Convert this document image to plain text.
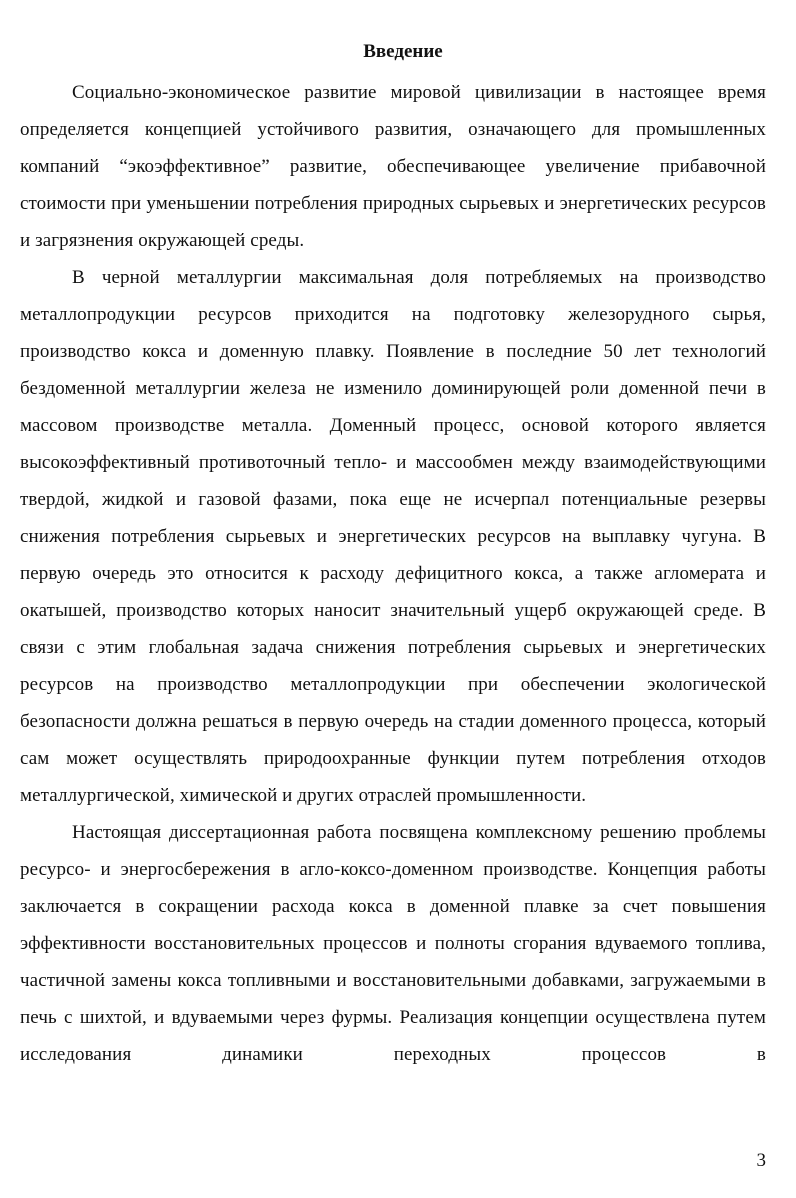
Введение

Социально-экономическое развитие мировой цивилизации в настоящее время определяется концепцией устойчивого развития, означающего для промышленных компаний “экоэффективное” развитие, обеспечивающее увеличение прибавочной стоимости при уменьшении потребления природных сырьевых и энергетических ресурсов и загрязнения окружающей среды.

В черной металлургии максимальная доля потребляемых на производство металлопродукции ресурсов приходится на подготовку железорудного сырья, производство кокса и доменную плавку. Появление в последние 50 лет технологий бездоменной металлургии железа не изменило доминирующей роли доменной печи в массовом производстве металла. Доменный процесс, основой которого является высокоэффективный противоточный тепло- и массообмен между взаимодействующими твердой, жидкой и газовой фазами, пока еще не исчерпал потенциальные резервы снижения потребления сырьевых и энергетических ресурсов на выплавку чугуна. В первую очередь это относится к расходу дефицитного кокса, а также агломерата и окатышей, производство которых наносит значительный ущерб окружающей среде. В связи с этим глобальная задача снижения потребления сырьевых и энергетических ресурсов на производство металлопродукции при обеспечении экологической безопасности должна решаться в первую очередь на стадии доменного процесса, который сам может осуществлять природоохранные функции путем потребления отходов металлургической, химической и других отраслей промышленности.

Настоящая диссертационная работа посвящена комплексному решению проблемы ресурсо- и энергосбережения в агло-коксо-доменном производстве. Концепция работы заключается в сокращении расхода кокса в доменной плавке за счет повышения эффективности восстановительных процессов и полноты сгорания вдуваемого топлива, частичной замены кокса топливными и восстановительными добавками, загружаемыми в печь с шихтой, и вдуваемыми через фурмы. Реализация концепции осуществлена путем исследования динамики переходных процессов в

3
